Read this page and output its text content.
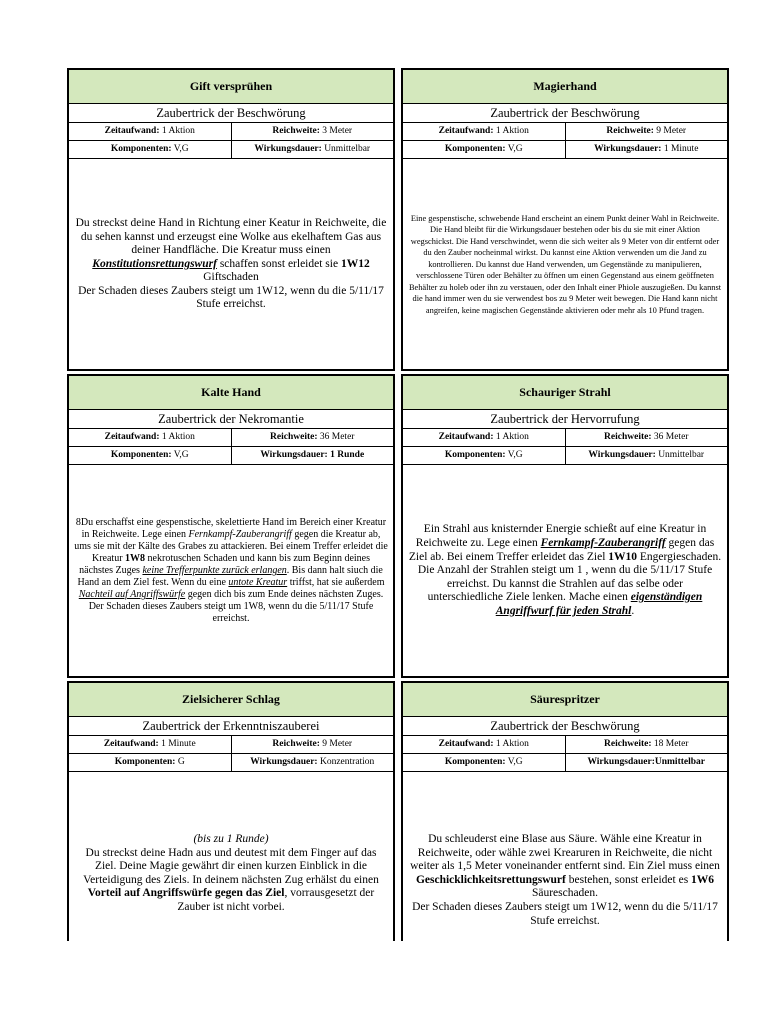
Gift versprühen
Zaubertrick der Beschwörung
Zeitaufwand: 1 Aktion	Reichweite: 3 Meter
Komponenten: V,G	Wirkungsdauer: Unmittelbar
Du streckst deine Hand in Richtung einer Keatur in Reichweite, die du sehen kannst und erzeugst eine Wolke aus ekelhaftem Gas aus deiner Handfläche. Die Kreatur muss einen Konstitutionsrettungswurf schaffen sonst erleidet sie 1W12 Giftschaden
Der Schaden dieses Zaubers steigt um 1W12, wenn du die 5/11/17 Stufe erreichst.
Magierhand
Zaubertrick der Beschwörung
Zeitaufwand: 1 Aktion	Reichweite: 9 Meter
Komponenten: V,G	Wirkungsdauer: 1 Minute
Eine gespenstische, schwebende Hand erscheint an einem Punkt deiner Wahl in Reichweite. Die Hand bleibt für die Wirkungsdauer bestehen oder bis du sie mit einer Aktion wegschickst. Die Hand verschwindet, wenn die sich weiter als 9 Meter von dir entfernt oder du den Zauber nocheinmal wirkst. Du kannst eine Aktion verwenden um die Jand zu kontrollieren. Du kannst due Hand verwenden, um Gegenstände zu manipulieren, verschlossene Türen oder Behälter zu öffnen um einen Gegenstand aus einem geöffneten Behälter zu holeb oder ihn zu verstauen, oder den Inhalt einer Phiole auszugießen. Du kannst die hand immer wen du sie verwendest bos zu 9 Meter weit bewegen. Die Hand kann nicht angreifen, keine magischen Gegenstände aktivieren oder mehr als 10 Pfund tragen.
Kalte Hand
Zaubertrick der Nekromantie
Zeitaufwand: 1 Aktion	Reichweite: 36 Meter
Komponenten: V,G	Wirkungsdauer: 1 Runde
8Du erschaffst eine gespenstische, skelettierte Hand im Bereich einer Kreatur in Reichweite. Lege einen Fernkampf-Zauberangriff gegen die Kreatur ab, ums sie mit der Kälte des Grabes zu attackieren. Bei einem Treffer erleidet die Kreatur 1W8 nekrotuschen Schaden und kann bis zum Beginn deines nächstes Zuges keine Trefferpunkte zurück erlangen. Bis dann halt siuch die Hand an dem Ziel fest. Wenn du eine untote Kreatur triffst, hat sie außerdem Nachteil auf Angriffswürfe gegen dich bis zum Ende deines nächsten Zuges.
Der Schaden dieses Zaubers steigt um 1W8, wenn du die 5/11/17 Stufe erreichst.
Schauriger Strahl
Zaubertrick der Hervorrufung
Zeitaufwand: 1 Aktion	Reichweite: 36 Meter
Komponenten: V,G	Wirkungsdauer: Unmittelbar
Ein Strahl aus knisternder Energie schießt auf eine Kreatur in Reichweite zu. Lege einen Fernkampf-Zauberangriff gegen das Ziel ab. Bei einem Treffer erleidet das Ziel 1W10 Engergieschaden.
Die Anzahl der Strahlen steigt um 1 , wenn du die 5/11/17 Stufe erreichst. Du kannst die Strahlen auf das selbe oder unterschiedliche Ziele lenken. Mache einen eigenständigen Angriffwurf für jeden Strahl.
Zielsicherer Schlag
Zaubertrick der Erkenntniszauberei
Zeitaufwand: 1 Minute	Reichweite: 9 Meter
Komponenten: G	Wirkungsdauer: Konzentration
(bis zu 1 Runde)
Du streckst deine Hadn aus und deutest mit dem Finger auf das Ziel. Deine Magie gewährt dir einen kurzen Einblick in die Verteidigung des Ziels. In deinem nächsten Zug erhälst du einen Vorteil auf Angriffswürfe gegen das Ziel, vorrausgesetzt der Zauber ist nicht vorbei.
Säurespritzer
Zaubertrick der Beschwörung
Zeitaufwand: 1 Aktion	Reichweite: 18 Meter
Komponenten: V,G	Wirkungsdauer:Unmittelbar
Du schleuderst eine Blase aus Säure. Wähle eine Kreatur in Reichweite, oder wähle zwei Krearuren in Reichweite, die nicht weiter als 1,5 Meter voneinander entfernt sind. Ein Ziel muss einen Geschicklichkeitsrettungswurf bestehen, sonst erleidet es 1W6 Säureschaden.
Der Schaden dieses Zaubers steigt um 1W12, wenn du die 5/11/17 Stufe erreichst.
